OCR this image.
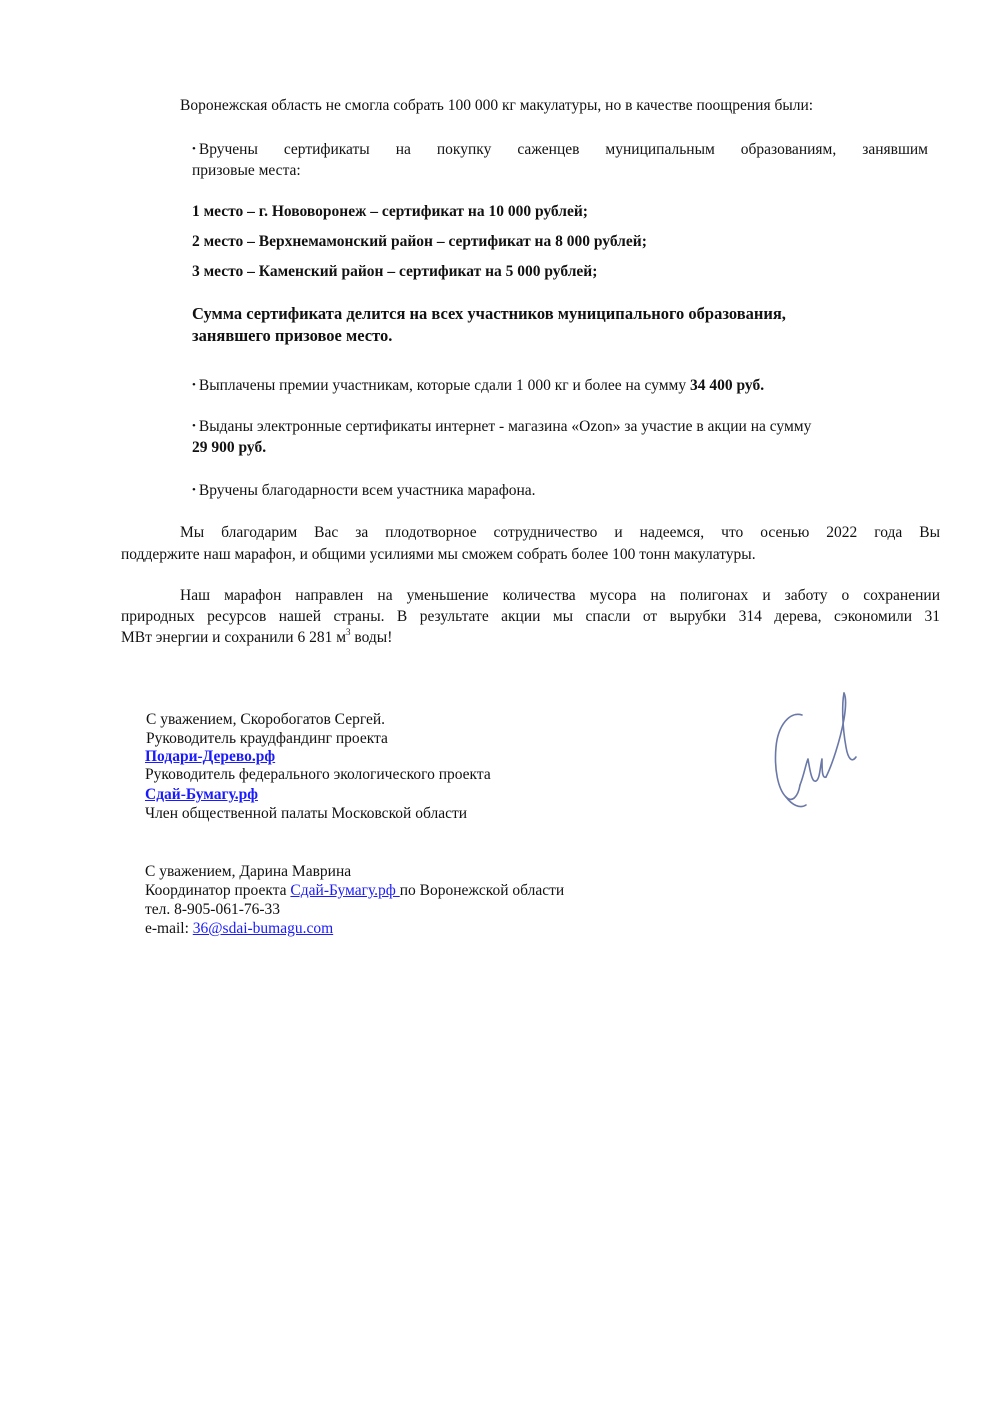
Воронежская область не смогла собрать 100 000 кг макулатуры, но в качестве поощрения были:
• Вручены сертификаты на покупку саженцев муниципальным образованиям, занявшим
призовые места:
1 место – г. Нововоронеж – сертификат на 10 000 рублей;
2 место – Верхнемамонский район – сертификат на 8 000 рублей;
3 место – Каменский район – сертификат на 5 000 рублей;
Сумма сертификата делится на всех участников муниципального образования,
занявшего призовое место.
• Выплачены премии участникам, которые сдали 1 000 кг и более на сумму 34 400 руб.
• Выданы электронные сертификаты интернет - магазина «Ozon» за участие в акции на сумму
29 900 руб.
• Вручены благодарности всем участника марафона.
Мы благодарим Вас за плодотворное сотрудничество и надеемся, что осенью 2022 года Вы
поддержите наш марафон, и общими усилиями мы сможем собрать более 100 тонн макулатуры.
Наш марафон направлен на уменьшение количества мусора на полигонах и заботу о сохранении
природных ресурсов нашей страны. В результате акции мы спасли от вырубки 314 дерева, сэкономили 31
МВт энергии и сохранили 6 281 $м^3$ воды!
С уважением, Скоробогатов Сергей.
Руководитель краудфандинг проекта
Подари-Дерево.рф
Руководитель федерального экологического проекта
Сдай-Бумагу.рф
Член общественной палаты Московской области
С уважением, Дарина Маврина
Координатор проекта Сдай-Бумагу.рф по Воронежской области
тел. 8-905-061-76-33
e-mail: 36@sdai-bumagu.com
